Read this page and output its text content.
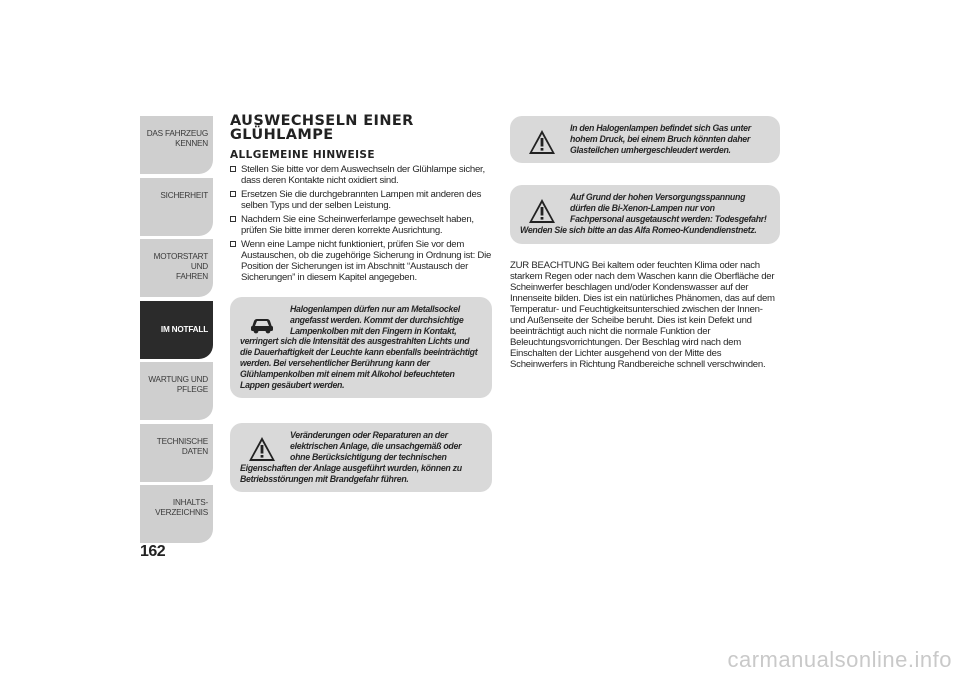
DAS FAHRZEUG
KENNEN
SICHERHEIT
MOTORSTART UND
FAHREN
IM NOTFALL
WARTUNG UND
PFLEGE
TECHNISCHE DATEN
INHALTS-
VERZEICHNIS
162
AUSWECHSELN EINER GLÜHLAMPE
ALLGEMEINE HINWEISE
Stellen Sie bitte vor dem Auswechseln der Glühlampe sicher, dass deren Kontakte nicht oxidiert sind.
Ersetzen Sie die durchgebrannten Lampen mit anderen des selben Typs und der selben Leistung.
Nachdem Sie eine Scheinwerferlampe gewechselt haben, prüfen Sie bitte immer deren korrekte Ausrichtung.
Wenn eine Lampe nicht funktioniert, prüfen Sie vor dem Austauschen, ob die zugehörige Sicherung in Ordnung ist: Die Position der Sicherungen ist im Abschnitt “Austausch der Sicherungen” in diesem Kapitel angegeben.
Halogenlampen dürfen nur am Metallsockel angefasst werden. Kommt der durchsichtige Lampenkolben mit den Fingern in Kontakt, verringert sich die Intensität des ausgestrahlten Lichts und die Dauerhaftigkeit der Leuchte kann ebenfalls beeinträchtigt werden. Bei versehentlicher Berührung kann der Glühlampenkolben mit einem mit Alkohol befeuchteten Lappen gesäubert werden.
Veränderungen oder Reparaturen an der elektrischen Anlage, die unsachgemäß oder ohne Berücksichtigung der technischen Eigenschaften der Anlage ausgeführt wurden, können zu Betriebsstörungen mit Brandgefahr führen.
In den Halogenlampen befindet sich Gas unter hohem Druck, bei einem Bruch könnten daher Glasteilchen umhergeschleudert werden.
Auf Grund der hohen Versorgungsspannung dürfen die Bi-Xenon-Lampen nur von Fachpersonal ausgetauscht werden: Todesgefahr! Wenden Sie sich bitte an das Alfa Romeo-Kundendienstnetz.

ZUR BEACHTUNG Bei kaltem oder feuchten Klima oder nach starkem Regen oder nach dem Waschen kann die Oberfläche der Scheinwerfer beschlagen und/oder Kondenswasser auf der Innenseite bilden. Dies ist ein natürliches Phänomen, das auf dem Temperatur- und Feuchtigkeitsunterschied zwischen der Innen- und Außenseite der Scheibe beruht. Dies ist kein Defekt und beeinträchtigt auch nicht die normale Funktion der Beleuchtungsvorrichtungen. Der Beschlag wird nach dem Einschalten der Lichter ausgehend von der Mitte des Scheinwerfers in Richtung Randbereiche schnell verschwinden.

carmanualsonline.info
